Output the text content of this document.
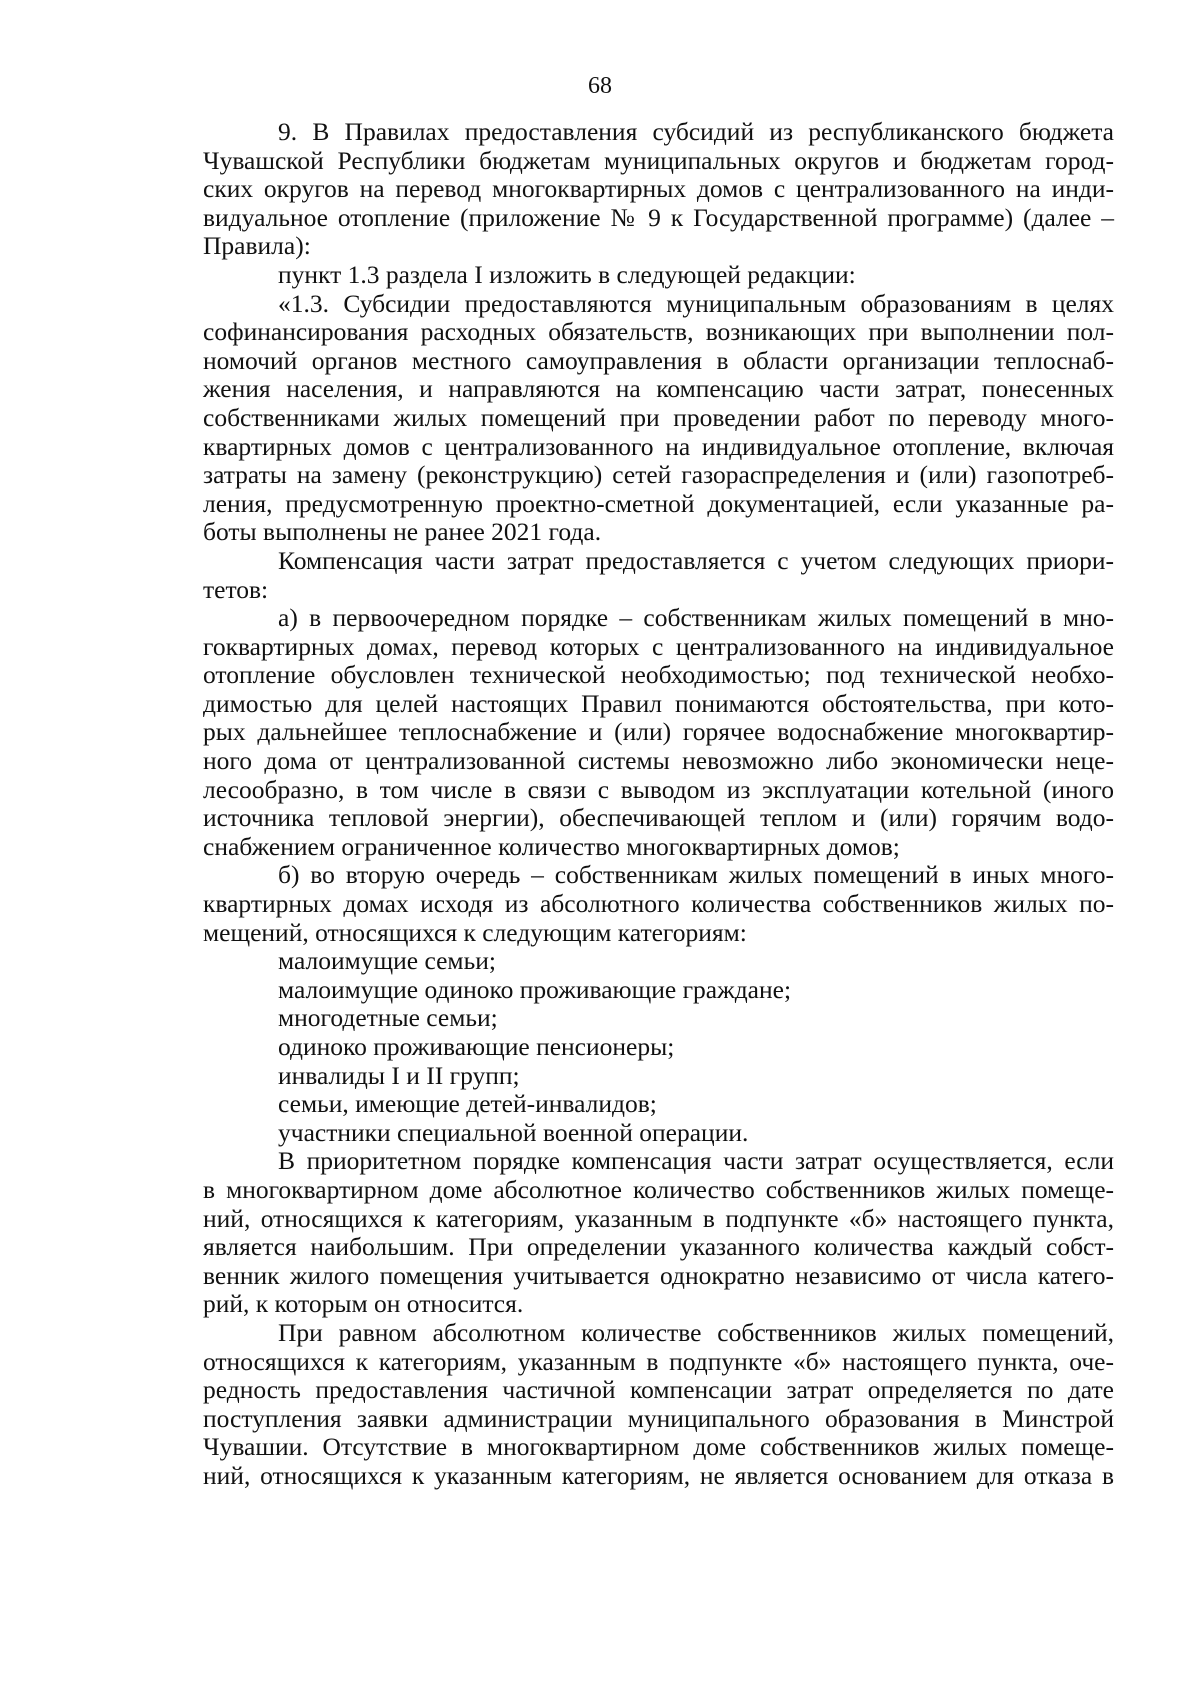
68
9. В Правилах предоставления субсидий из республиканского бюджета
Чувашской Республики бюджетам муниципальных округов и бюджетам город-
ских округов на перевод многоквартирных домов с централизованного на инди-
видуальное отопление (приложение № 9 к Государственной программе) (далее –
Правила):
пункт 1.3 раздела I изложить в следующей редакции:
«1.3. Субсидии предоставляются муниципальным образованиям в целях
софинансирования расходных обязательств, возникающих при выполнении пол-
номочий органов местного самоуправления в области организации теплоснаб-
жения населения, и направляются на компенсацию части затрат, понесенных
собственниками жилых помещений при проведении работ по переводу много-
квартирных домов с централизованного на индивидуальное отопление, включая
затраты на замену (реконструкцию) сетей газораспределения и (или) газопотреб-
ления, предусмотренную проектно-сметной документацией, если указанные ра-
боты выполнены не ранее 2021 года.
Компенсация части затрат предоставляется с учетом следующих приори-
тетов:
а) в первоочередном порядке – собственникам жилых помещений в мно-
гоквартирных домах, перевод которых с централизованного на индивидуальное
отопление обусловлен технической необходимостью; под технической необхо-
димостью для целей настоящих Правил понимаются обстоятельства, при кото-
рых дальнейшее теплоснабжение и (или) горячее водоснабжение многоквартир-
ного дома от централизованной системы невозможно либо экономически неце-
лесообразно, в том числе в связи с выводом из эксплуатации котельной (иного
источника тепловой энергии), обеспечивающей теплом и (или) горячим водо-
снабжением ограниченное количество многоквартирных домов;
б) во вторую очередь – собственникам жилых помещений в иных много-
квартирных домах исходя из абсолютного количества собственников жилых по-
мещений, относящихся к следующим категориям:
малоимущие семьи;
малоимущие одиноко проживающие граждане;
многодетные семьи;
одиноко проживающие пенсионеры;
инвалиды I и II групп;
семьи, имеющие детей-инвалидов;
участники специальной военной операции.
В приоритетном порядке компенсация части затрат осуществляется, если
в многоквартирном доме абсолютное количество собственников жилых помеще-
ний, относящихся к категориям, указанным в подпункте «б» настоящего пункта,
является наибольшим. При определении указанного количества каждый собст-
венник жилого помещения учитывается однократно независимо от числа катего-
рий, к которым он относится.
При равном абсолютном количестве собственников жилых помещений,
относящихся к категориям, указанным в подпункте «б» настоящего пункта, оче-
редность предоставления частичной компенсации затрат определяется по дате
поступления заявки администрации муниципального образования в Минстрой
Чувашии. Отсутствие в многоквартирном доме собственников жилых помеще-
ний, относящихся к указанным категориям, не является основанием для отказа в
